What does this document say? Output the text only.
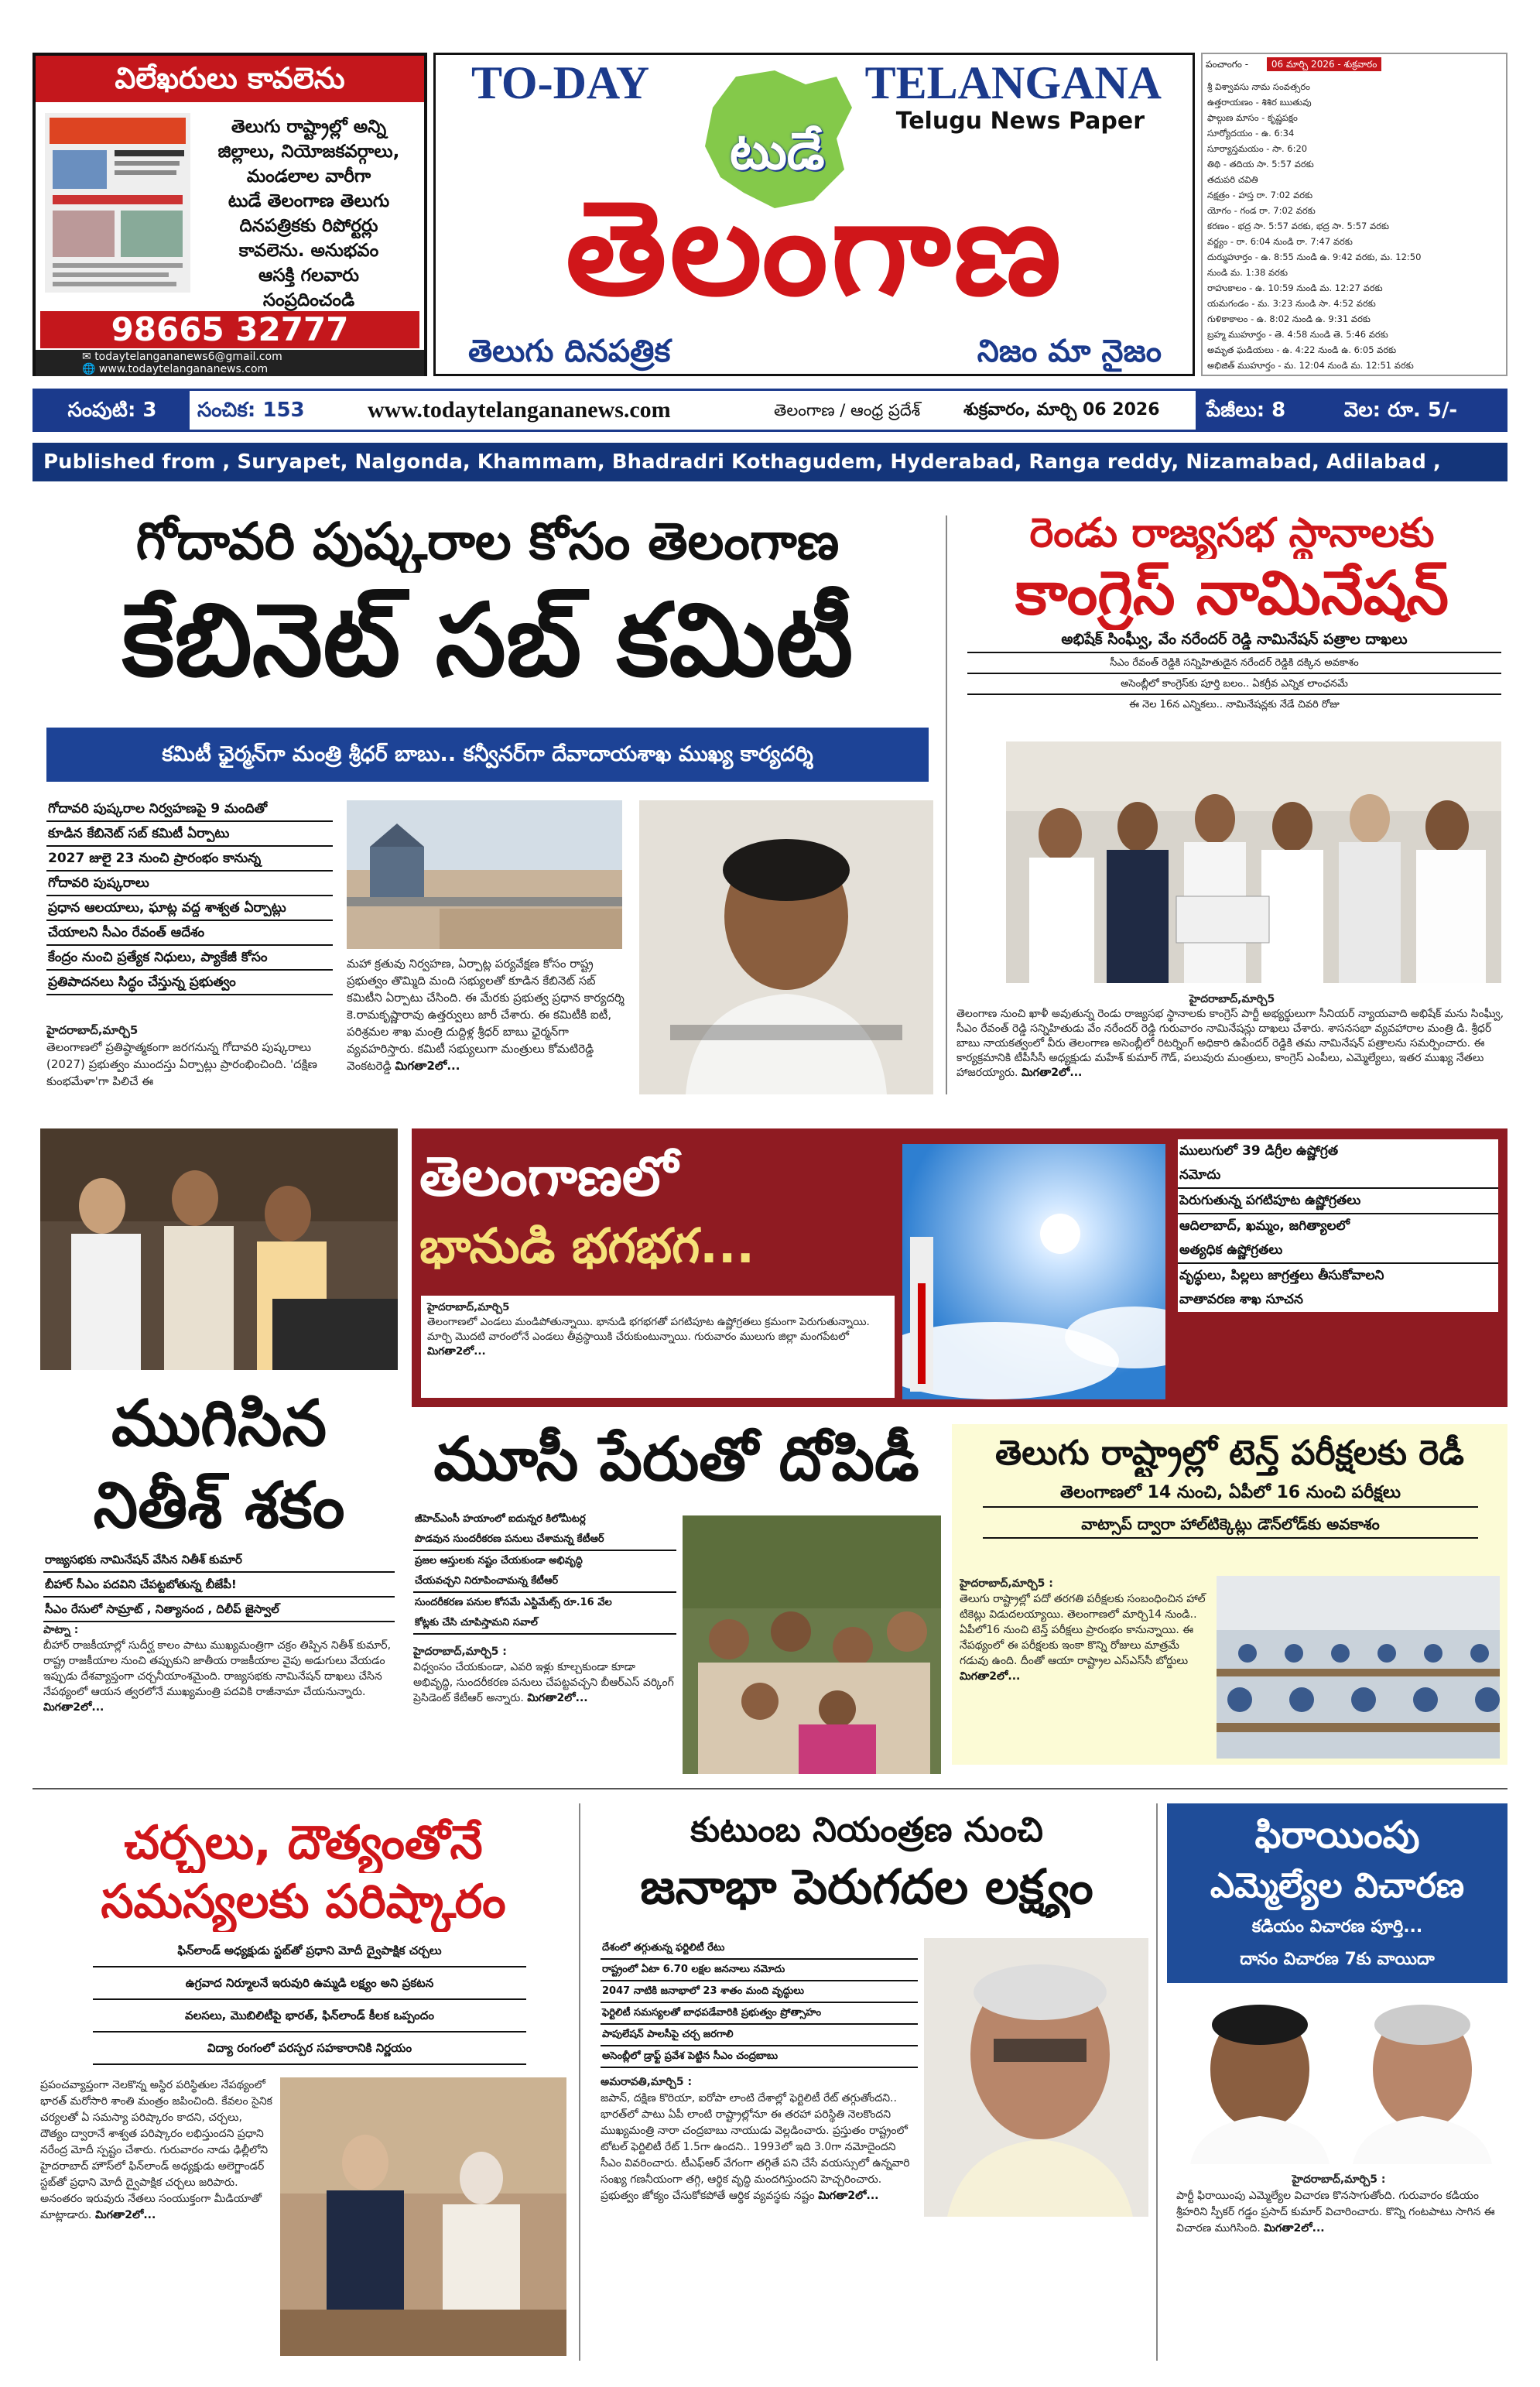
విలేఖరులు కావలెను
తెలుగు రాష్ట్రాల్లో అన్ని
జిల్లాలు, నియోజకవర్గాలు,
మండలాల వారీగా
టుడే తెలంగాణ తెలుగు
దినపత్రికకు రిపోర్టర్లు
కావలెను. అనుభవం
ఆసక్తి గలవారు
సంప్రదించండి
98665 32777
✉ todaytelangananews6@gmail.com
🌐 www.todaytelangananews.com
TO-DAY	TELANGANA
Telugu News Paper
టుడే
తెలంగాణ
తెలుగు దినపత్రిక	నిజం మా నైజం
పంచాంగం - 06 మార్చి 2026 - శుక్రవారం
శ్రీ విశ్వావసు నామ సంవత్సరం
ఉత్తరాయణం - శిశిర ఋతువు
ఫాల్గుణ మాసం - కృష్ణపక్షం
సూర్యోదయం - ఉ. 6:34
సూర్యాస్తమయం - సా. 6:20
తిథి - తదియ సా. 5:57 వరకు
తదుపరి చవితి
నక్షత్రం - హస్త రా. 7:02 వరకు
యోగం - గండ రా. 7:02 వరకు
కరణం - భద్ర సా. 5:57 వరకు, భద్ర సా. 5:57 వరకు
వర్జ్యం - రా. 6:04 నుండి రా. 7:47 వరకు
దుర్ముహూర్తం - ఉ. 8:55 నుండి ఉ. 9:42 వరకు, మ. 12:50
నుండి మ. 1:38 వరకు
రాహుకాలం - ఉ. 10:59 నుండి మ. 12:27 వరకు
యమగండం - మ. 3:23 నుండి సా. 4:52 వరకు
గుళికాకాలం - ఉ. 8:02 నుండి ఉ. 9:31 వరకు
బ్రహ్మ ముహూర్తం - తె. 4:58 నుండి తె. 5:46 వరకు
అమృత ఘడియలు - ఉ. 4:22 నుండి ఉ. 6:05 వరకు
అభిజిత్ ముహూర్తం - మ. 12:04 నుండి మ. 12:51 వరకు
సంపుటి: 3	సంచిక: 153	www.todaytelangananews.com	తెలంగాణ / ఆంధ్ర ప్రదేశ్	శుక్రవారం, మార్చి 06 2026	పేజీలు: 8	వెల: రూ. 5/-
Published from , Suryapet, Nalgonda, Khammam, Bhadradri Kothagudem, Hyderabad, Ranga reddy, Nizamabad, Adilabad ,
గోదావరి పుష్కరాల కోసం తెలంగాణ
కేబినెట్ సబ్ కమిటీ
కమిటీ ఛైర్మన్‌గా మంత్రి శ్రీధర్ బాబు.. కన్వీనర్‌గా దేవాదాయశాఖ ముఖ్య కార్యదర్శి
గోదావరి పుష్కరాల నిర్వహణపై 9 మందితో
కూడిన కేబినెట్ సబ్ కమిటీ ఏర్పాటు
2027 జులై 23 నుంచి ప్రారంభం కానున్న
గోదావరి పుష్కరాలు
ప్రధాన ఆలయాలు, ఘాట్ల వద్ద శాశ్వత ఏర్పాట్లు
చేయాలని సీఎం రేవంత్ ఆదేశం
కేంద్రం నుంచి ప్రత్యేక నిధులు, ప్యాకేజీ కోసం
ప్రతిపాదనలు సిద్ధం చేస్తున్న ప్రభుత్వం

హైదరాబాద్,మార్చి5

తెలంగాణలో ప్రతిష్ఠాత్మకంగా జరగనున్న గోదావరి పుష్కరాలు (2027) ప్రభుత్వం ముందస్తు ఏర్పాట్లు ప్రారంభించింది. 'దక్షిణ కుంభమేళా'గా పిలిచే ఈ

మహా క్రతువు నిర్వహణ, ఏర్పాట్ల పర్యవేక్షణ కోసం రాష్ట్ర ప్రభుత్వం తొమ్మిది మంది సభ్యులతో కూడిన కేబినెట్ సబ్ కమిటీని ఏర్పాటు చేసింది. ఈ మేరకు ప్రభుత్వ ప్రధాన కార్యదర్శి కె.రామకృష్ణారావు ఉత్తర్వులు జారీ చేశారు. ఈ కమిటీకి ఐటీ, పరిశ్రమల శాఖ మంత్రి దుద్దిళ్ల శ్రీధర్ బాబు ఛైర్మన్‌గా వ్యవహరిస్తారు. కమిటీ సభ్యులుగా మంత్రులు కోమటిరెడ్డి వెంకటరెడ్డి మిగతా2లో...

రెండు రాజ్యసభ స్థానాలకు
కాంగ్రెస్ నామినేషన్
అభిషేక్ సింఘ్వీ, వేం నరేందర్ రెడ్డి నామినేషన్ పత్రాల దాఖలు
సీఎం రేవంత్ రెడ్డికి సన్నిహితుడైన నరేందర్ రెడ్డికి దక్కిన అవకాశం
అసెంబ్లీలో కాంగ్రెస్‌కు పూర్తి బలం.. ఏకగ్రీవ ఎన్నిక లాంఛనమే
ఈ నెల 16న ఎన్నికలు.. నామినేషన్లకు నేడే చివరి రోజు

హైదరాబాద్,మార్చి5

తెలంగాణ నుంచి ఖాళీ అవుతున్న రెండు రాజ్యసభ స్థానాలకు కాంగ్రెస్ పార్టీ అభ్యర్థులుగా సీనియర్ న్యాయవాది అభిషేక్ మను సింఘ్వీ, సీఎం రేవంత్ రెడ్డి సన్నిహితుడు వేం నరేందర్ రెడ్డి గురువారం నామినేషన్లు దాఖలు చేశారు. శాసనసభా వ్యవహారాల మంత్రి డి. శ్రీధర్ బాబు నాయకత్వంలో వీరు తెలంగాణ అసెంబ్లీలో రిటర్నింగ్ అధికారి ఉపేందర్ రెడ్డికి తమ నామినేషన్ పత్రాలను సమర్పించారు. ఈ కార్యక్రమానికి టీపీసీసీ అధ్యక్షుడు మహేశ్ కుమార్ గౌడ్, పలువురు మంత్రులు, కాంగ్రెస్ ఎంపీలు, ఎమ్మెల్యేలు, ఇతర ముఖ్య నేతలు హాజరయ్యారు. మిగతా2లో...

ముగిసిన
నితీశ్ శకం
రాజ్యసభకు నామినేషన్ వేసిన నితీశ్ కుమార్
బీహార్ సీఎం పదవిని చేపట్టబోతున్న బీజేపీ!
సీఎం రేసులో సామ్రాట్ , నిత్యానంద , దిలీప్ జైస్వాల్

పాట్నా :

బీహార్ రాజకీయాల్లో సుదీర్ఘ కాలం పాటు ముఖ్యమంత్రిగా చక్రం తిప్పిన నితీశ్ కుమార్, రాష్ట్ర రాజకీయాల నుంచి తప్పుకుని జాతీయ రాజకీయాల వైపు అడుగులు వేయడం ఇప్పుడు దేశవ్యాప్తంగా చర్చనీయాంశమైంది. రాజ్యసభకు నామినేషన్ దాఖలు చేసిన నేపథ్యంలో ఆయన త్వరలోనే ముఖ్యమంత్రి పదవికి రాజీనామా చేయనున్నారు. మిగతా2లో...

తెలంగాణలో
భానుడి భగభగ...

హైదరాబాద్,మార్చి5

తెలంగాణలో ఎండలు మండిపోతున్నాయి. భానుడి భగభగతో పగటిపూట ఉష్ణోగ్రతలు క్రమంగా పెరుగుతున్నాయి. మార్చి మొదటి వారంలోనే ఎండలు తీవ్రస్థాయికి చేరుకుంటున్నాయి. గురువారం ములుగు జిల్లా మంగపేటలో మిగతా2లో...

ములుగులో 39 డిగ్రీల ఉష్ణోగ్రత
నమోదు
పెరుగుతున్న పగటిపూట ఉష్ణోగ్రతలు
ఆదిలాబాద్, ఖమ్మం, జగిత్యాలలో
అత్యధిక ఉష్ణోగ్రతలు
వృద్ధులు, పిల్లలు జాగ్రత్తలు తీసుకోవాలని
వాతావరణ శాఖ సూచన
మూసీ పేరుతో దోపిడీ
జీహెచ్ఎంసీ హయాంలో ఐదున్నర కిలోమీటర్ల
పొడవున సుందరీకరణ పనులు చేశామన్న కేటీఆర్
ప్రజల ఆస్తులకు నష్టం చేయకుండా అభివృద్ధి
చేయవచ్చని నిరూపించామన్న కేటీఆర్
సుందరీకరణ పనుల కోసమే ఎస్టిమేట్స్ రూ.16 వేల
కోట్లకు చేసి చూపిస్తామని సవాల్

హైదరాబాద్,మార్చి5 :

విధ్వంసం చేయకుండా, ఎవరి ఇళ్లు కూల్చకుండా కూడా అభివృద్ధి, సుందరీకరణ పనులు చేపట్టవచ్చని బీఆర్ఎస్ వర్కింగ్ ప్రెసిడెంట్ కేటీఆర్ అన్నారు. మిగతా2లో...

తెలుగు రాష్ట్రాల్లో టెన్త్ పరీక్షలకు రెడీ
తెలంగాణలో 14 నుంచి, ఏపీలో 16 నుంచి పరీక్షలు
వాట్సాప్ ద్వారా హాల్‌టిక్కెట్లు డౌన్‌లోడ్‌కు అవకాశం

హైదరాబాద్,మార్చి5 :

తెలుగు రాష్ట్రాల్లో పదో తరగతి పరీక్షలకు సంబంధించిన హాల్ టికెట్లు విడుదలయ్యాయి. తెలంగాణలో మార్చి14 నుండి.. ఏపీలో16 నుంచి టెన్త్ పరీక్షలు ప్రారంభం కానున్నాయి. ఈ నేపథ్యంలో ఈ పరీక్షలకు ఇంకా కొన్ని రోజులు మాత్రమే గడువు ఉంది. దీంతో ఆయా రాష్ట్రాల ఎస్‌ఎస్‌సీ బోర్డులు మిగతా2లో...

చర్చలు, దౌత్యంతోనే
సమస్యలకు పరిష్కారం
ఫిన్‌లాండ్ అధ్యక్షుడు స్టబ్‌తో ప్రధాని మోదీ ద్వైపాక్షిక చర్చలు
ఉగ్రవాద నిర్మూలనే ఇరువురి ఉమ్మడి లక్ష్యం అని ప్రకటన
వలసలు, మొబిలిటీపై భారత్, ఫిన్‌లాండ్ కీలక ఒప్పందం
విద్యా రంగంలో పరస్పర సహకారానికి నిర్ణయం

ప్రపంచవ్యాప్తంగా నెలకొన్న అస్థిర పరిస్థితుల నేపథ్యంలో భారత్ మరోసారి శాంతి మంత్రం జపించింది. కేవలం సైనిక చర్యలతో ఏ సమస్యా పరిష్కారం కాదని, చర్చలు, దౌత్యం ద్వారానే శాశ్వత పరిష్కారం లభిస్తుందని ప్రధాని నరేంద్ర మోదీ స్పష్టం చేశారు. గురువారం నాడు ఢిల్లీలోని హైదరాబాద్ హౌస్‌లో ఫిన్‌లాండ్ అధ్యక్షుడు అలెగ్జాండర్ స్టబ్‌తో ప్రధాని మోదీ ద్వైపాక్షిక చర్చలు జరిపారు. అనంతరం ఇరువురు నేతలు సంయుక్తంగా మీడియాతో మాట్లాడారు. మిగతా2లో...

కుటుంబ నియంత్రణ నుంచి
జనాభా పెరుగదల లక్ష్యం
దేశంలో తగ్గుతున్న ఫర్టిలిటీ రేటు
రాష్ట్రంలో ఏటా 6.70 లక్షల జననాలు నమోదు
2047 నాటికి జనాభాలో 23 శాతం మంది వృద్ధులు
ఫెర్టిలిటీ సమస్యలతో బాధపడేవారికి ప్రభుత్వం ప్రోత్సాహం
పాపులేషన్ పాలసీపై చర్చ జరగాలి
అసెంబ్లీలో డ్రాఫ్ట్ ప్రవేశ పెట్టిన సీఎం చంద్రబాబు

అమరావతి,మార్చి5 :

జపాన్, దక్షిణ కొరియా, ఐరోపా లాంటి దేశాల్లో ఫెర్టిలిటీ రేట్ తగ్గుతోందని.. భారత్‌లో పాటు ఏపీ లాంటి రాష్ట్రాల్లోనూ ఈ తరహా పరిస్థితి నెలకొందని ముఖ్యమంత్రి నారా చంద్రబాబు నాయుడు వెల్లడించారు. ప్రస్తుతం రాష్ట్రంలో టోటల్ ఫెర్టిలిటీ రేట్ 1.5గా ఉందని.. 1993లో ఇది 3.0గా నమోదైందని సీఎం వివరించారు. టీఎఫ్ఆర్ వేగంగా తగ్గితే పని చేసే వయస్సులో ఉన్నవారి సంఖ్య గణనీయంగా తగ్గి, ఆర్థిక వృద్ధి మందగిస్తుందని హెచ్చరించారు. ప్రభుత్వం జోక్యం చేసుకోకపోతే ఆర్థిక వ్యవస్థకు నష్టం మిగతా2లో...

ఫిరాయింపు
ఎమ్మెల్యేల విచారణ
కడియం విచారణ పూర్తి...
దానం విచారణ 7కు వాయిదా

హైదరాబాద్,మార్చి5 :

పార్టీ ఫిరాయింపు ఎమ్మెల్యేల విచారణ కొనసాగుతోంది. గురువారం కడియం శ్రీహరిని స్పీకర్ గడ్డం ప్రసాద్ కుమార్ విచారించారు. కొన్ని గంటపాటు సాగిన ఈ విచారణ ముగిసింది. మిగతా2లో...
